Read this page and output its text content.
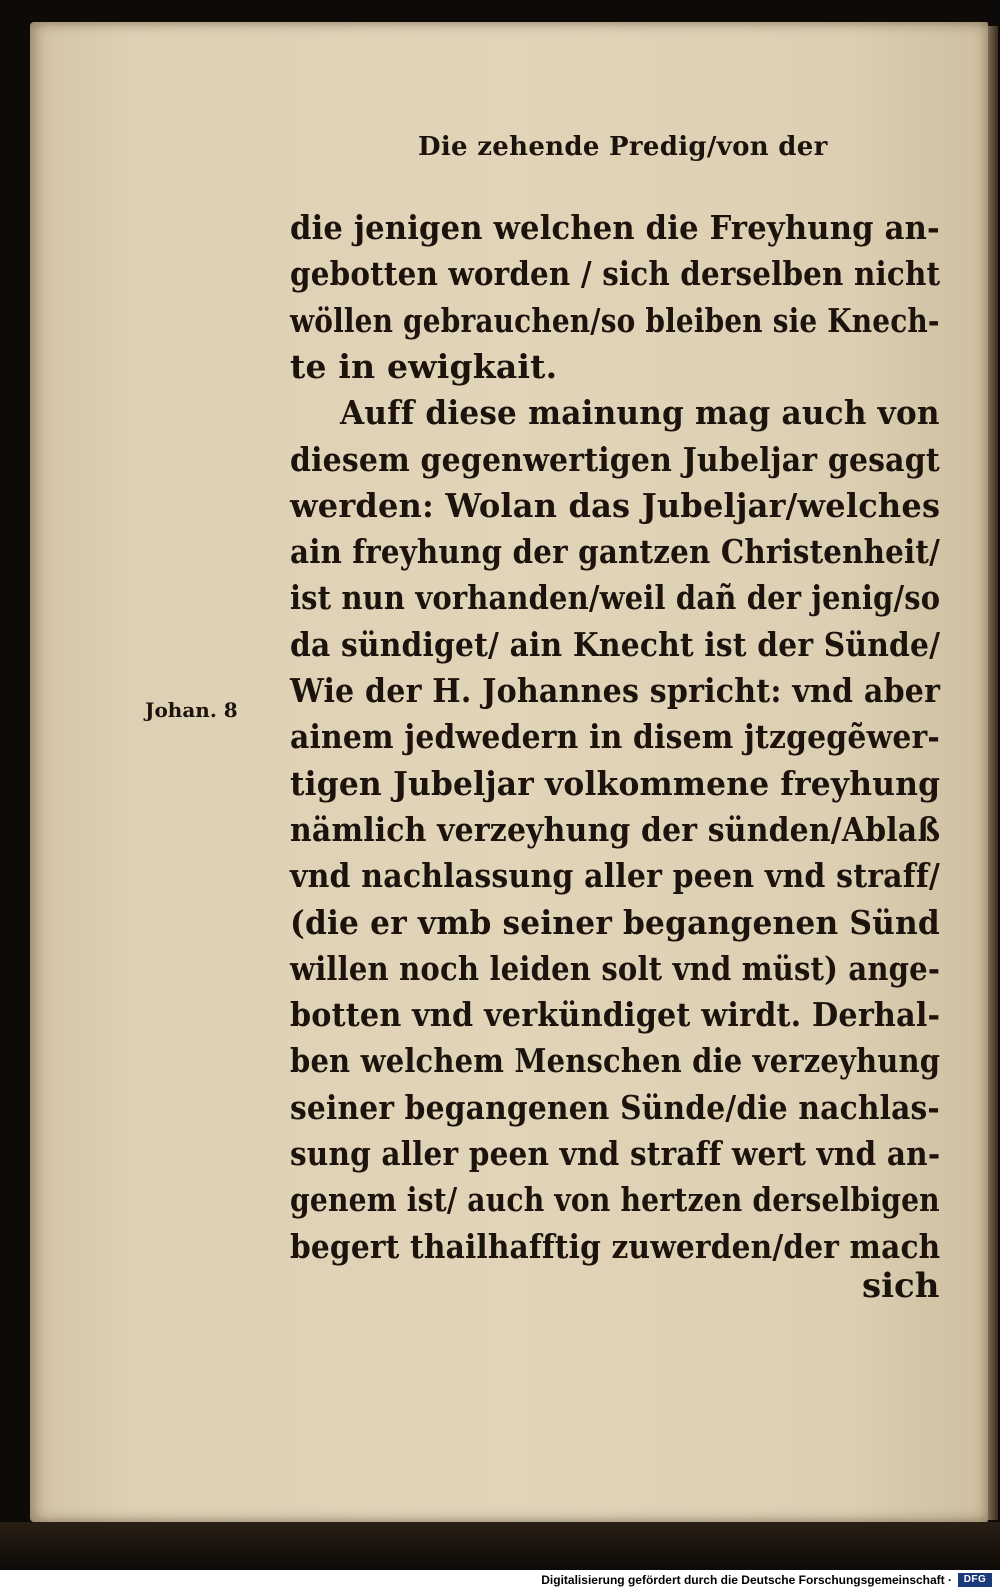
Die zehende Predig/von der
Johan. 8
die jenigen welchen die Freyhung an-
gebotten worden / sich derselben nicht
wöllen gebrauchen/so bleiben sie Knech-
te in ewigkait.
Auff diese mainung mag auch von
diesem gegenwertigen Jubeljar gesagt
werden: Wolan das Jubeljar/welches
ain freyhung der gantzen Christenheit/
ist nun vorhanden/weil dañ der jenig/so
da sündiget/ ain Knecht ist der Sünde/
Wie der H. Johannes spricht: vnd aber
ainem jedwedern in disem jtzgegẽwer-
tigen Jubeljar volkommene freyhung
nämlich verzeyhung der sünden/Ablaß
vnd nachlassung aller peen vnd straff/
(die er vmb seiner begangenen Sünd
willen noch leiden solt vnd müst) ange-
botten vnd verkündiget wirdt. Derhal-
ben welchem Menschen die verzeyhung
seiner begangenen Sünde/die nachlas-
sung aller peen vnd straff wert vnd an-
genem ist/ auch von hertzen derselbigen
begert thailhafftig zuwerden/der mach
sich
Digitalisierung gefördert durch die Deutsche Forschungsgemeinschaft ·	DFG
